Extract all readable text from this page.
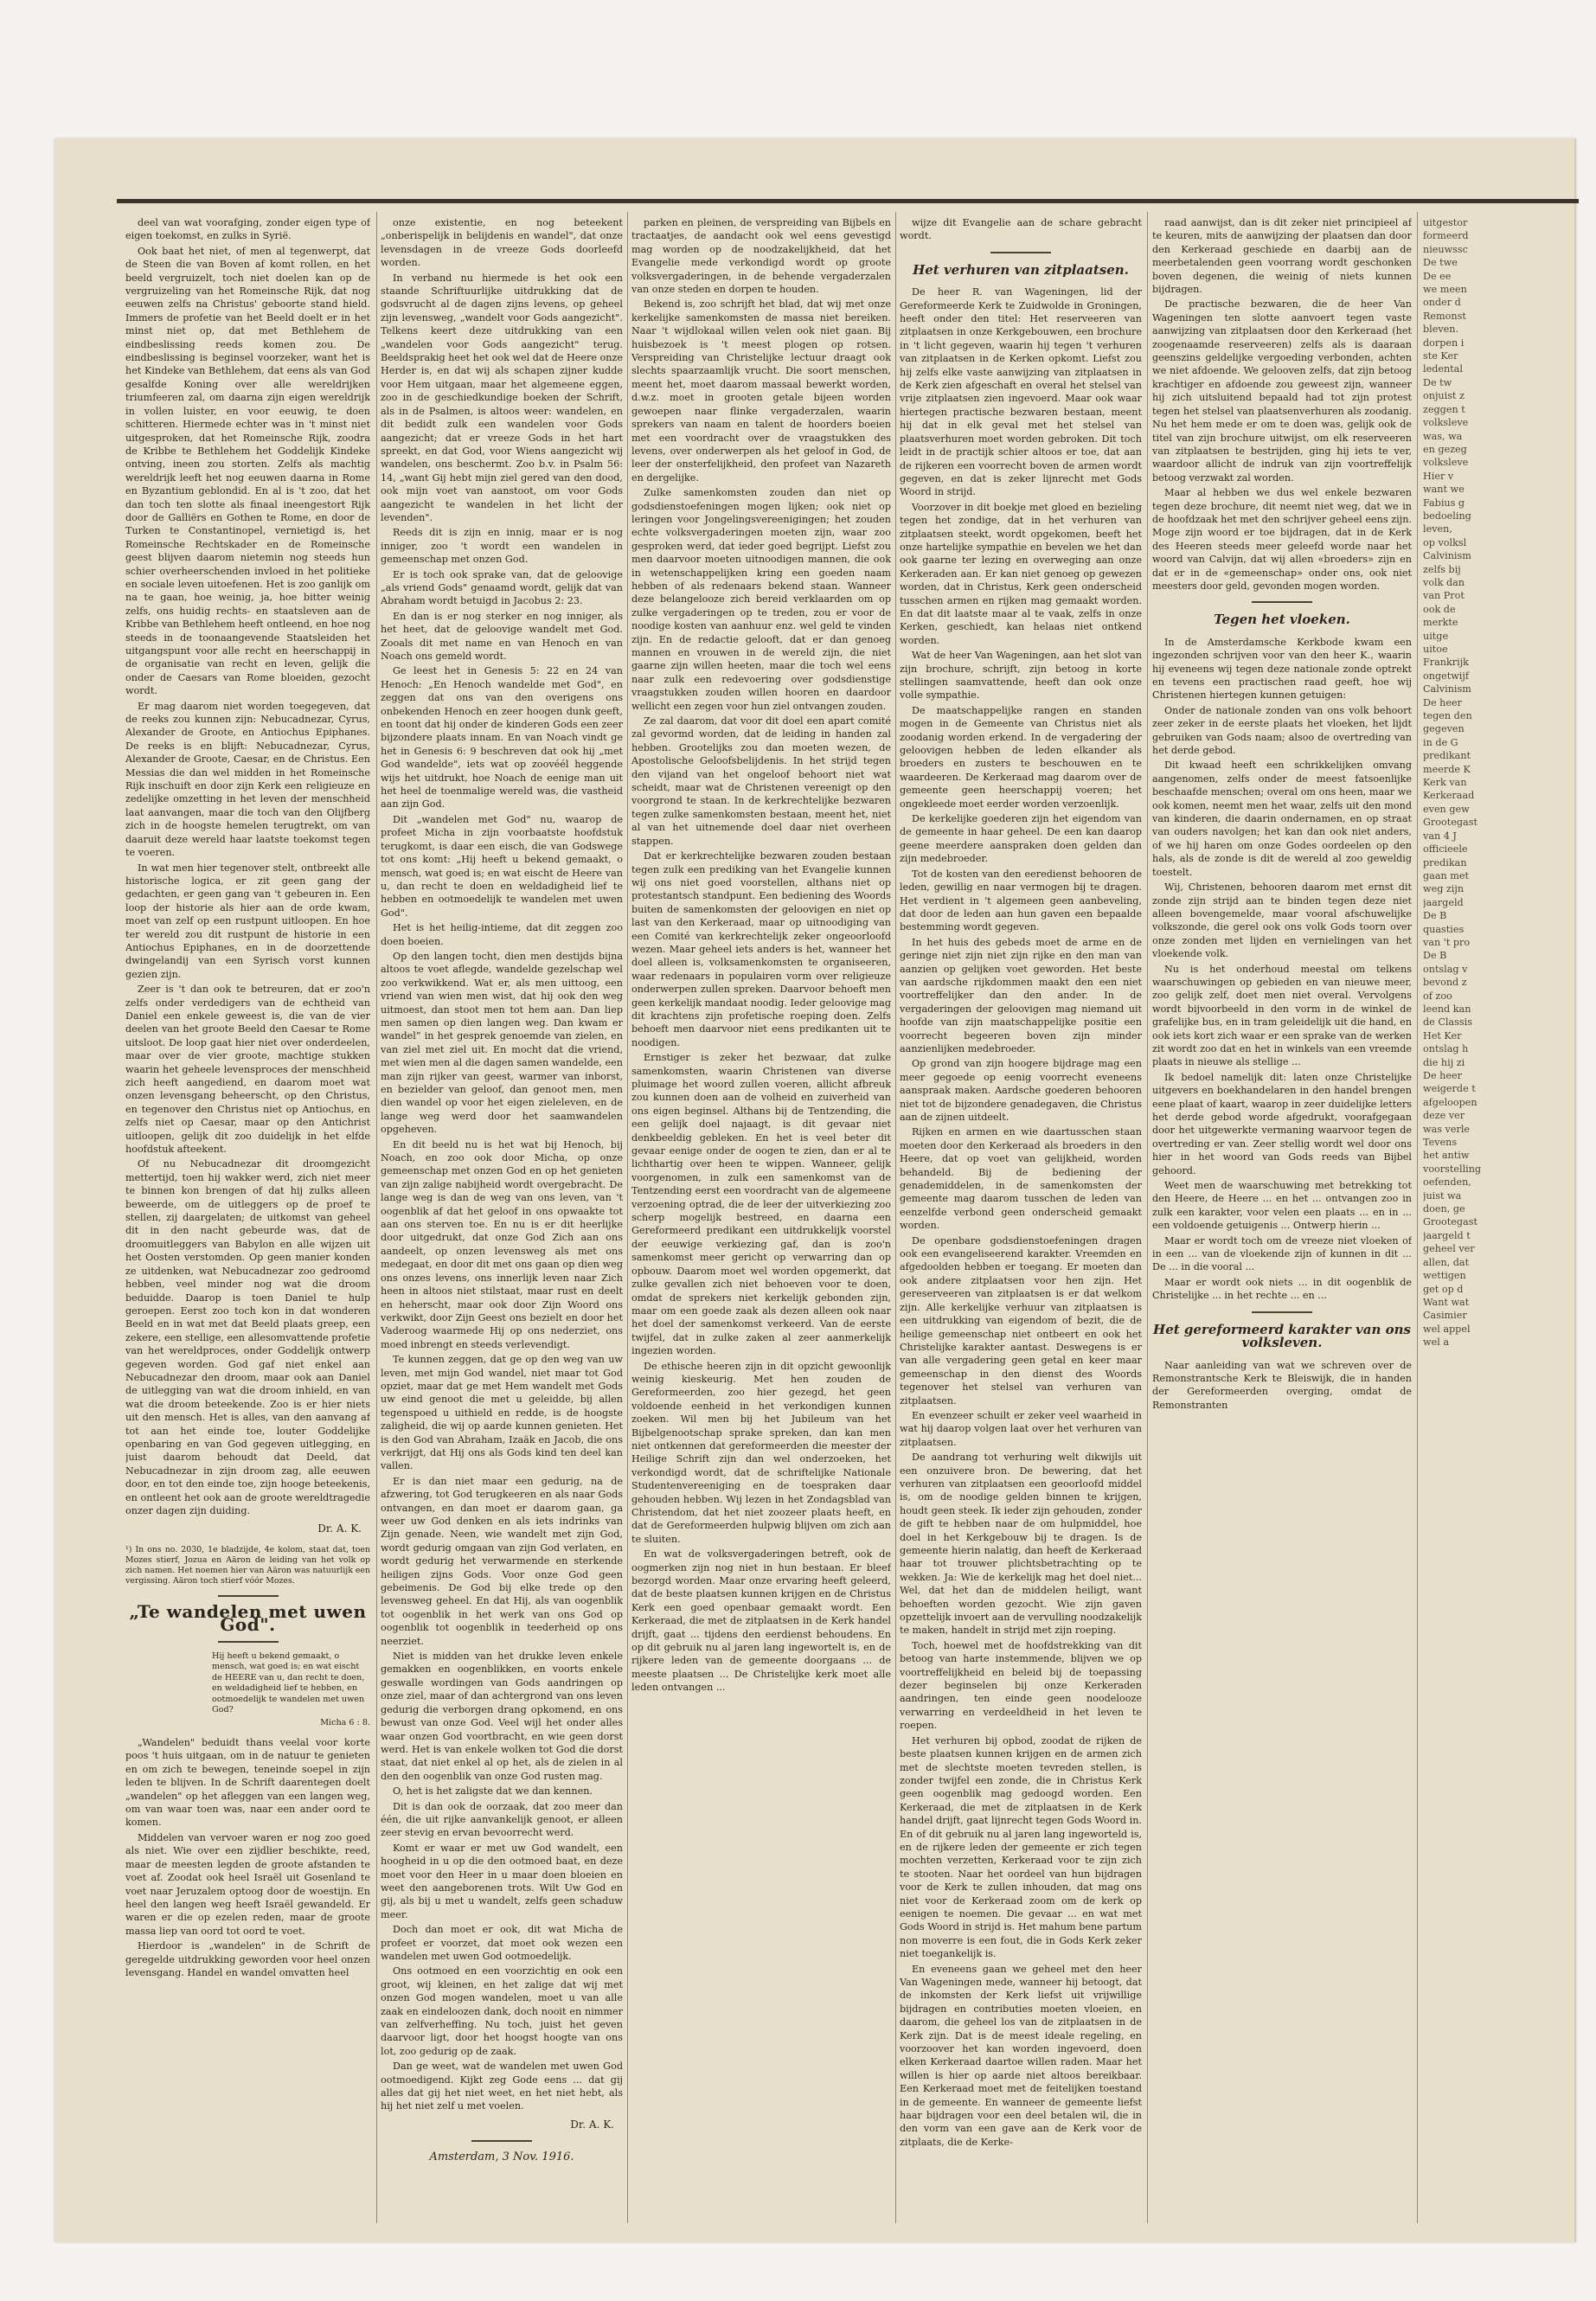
deel van wat voorafging, zonder eigen type of eigen toekomst, en zulks in Syrië.

Ook baat het niet, of men al tegenwerpt, dat de Steen die van Boven af komt rollen, en het beeld vergruizelt, toch niet doelen kan op de vergruizeling van het Romeinsche Rijk, dat nog eeuwen zelfs na Christus' geboorte stand hield. Immers de profetie van het Beeld doelt er in het minst niet op, dat met Bethlehem de eindbeslissing reeds komen zou. De eindbeslissing is beginsel voorzeker, want het is het Kindeke van Bethlehem, dat eens als van God gesalfde Koning over alle wereldrijken triumfeeren zal, om daarna zijn eigen wereldrijk in vollen luister, en voor eeuwig, te doen schitteren. Hiermede echter was in 't minst niet uitgesproken, dat het Romeinsche Rijk, zoodra de Kribbe te Bethlehem het Goddelijk Kindeke ontving, ineen zou storten. Zelfs als machtig wereldrijk leeft het nog eeuwen daarna in Rome en Byzantium geblondid. En al is 't zoo, dat het dan toch ten slotte als finaal ineengestort Rijk door de Galliërs en Gothen te Rome, en door de Turken te Constantinopel, vernietigd is, het Romeinsche Rechtskader en de Romeinsche geest blijven daarom nietemin nog steeds hun schier overheerschenden invloed in het politieke en sociale leven uitoefenen. Het is zoo ganlijk om na te gaan, hoe weinig, ja, hoe bitter weinig zelfs, ons huidig rechts- en staatsleven aan de Kribbe van Bethlehem heeft ontleend, en hoe nog steeds in de toonaangevende Staatsleiden het uitgangspunt voor alle recht en heerschappij in de organisatie van recht en leven, gelijk die onder de Caesars van Rome bloeiden, gezocht wordt.

Er mag daarom niet worden toegegeven, dat de reeks zou kunnen zijn: Nebucadnezar, Cyrus, Alexander de Groote, en Antiochus Epiphanes. De reeks is en blijft: Nebucadnezar, Cyrus, Alexander de Groote, Caesar, en de Christus. Een Messias die dan wel midden in het Romeinsche Rijk inschuift en door zijn Kerk een religieuze en zedelijke omzetting in het leven der menschheid laat aanvangen, maar die toch van den Olijfberg zich in de hoogste hemelen terugtrekt, om van daaruit deze wereld haar laatste toekomst tegen te voeren.

In wat men hier tegenover stelt, ontbreekt alle historische logica, er zit geen gang der gedachten, er geen gang van 't gebeuren in. Een loop der historie als hier aan de orde kwam, moet van zelf op een rustpunt uitloopen. En hoe ter wereld zou dit rustpunt de historie in een Antiochus Epiphanes, en in de doorzettende dwingelandij van een Syrisch vorst kunnen gezien zijn.

Zeer is 't dan ook te betreuren, dat er zoo'n zelfs onder verdedigers van de echtheid van Daniel een enkele geweest is, die van de vier deelen van het groote Beeld den Caesar te Rome uitsloot. De loop gaat hier niet over onderdeelen, maar over de vier groote, machtige stukken waarin het geheele levensproces der menschheid zich heeft aangediend, en daarom moet wat onzen levensgang beheerscht, op den Christus, en tegenover den Christus niet op Antiochus, en zelfs niet op Caesar, maar op den Antichrist uitloopen, gelijk dit zoo duidelijk in het elfde hoofdstuk afteekent.

Of nu Nebucadnezar dit droomgezicht mettertijd, toen hij wakker werd, zich niet meer te binnen kon brengen of dat hij zulks alleen beweerde, om de uitleggers op de proef te stellen, zij daargelaten; de uitkomst van geheel dit in den nacht gebeurde was, dat de droomuitleggers van Babylon en alle wijzen uit het Oosten verstomden. Op geen manier konden ze uitdenken, wat Nebucadnezar zoo gedroomd hebben, veel minder nog wat die droom beduidde. Daarop is toen Daniel te hulp geroepen. Eerst zoo toch kon in dat wonderen Beeld en in wat met dat Beeld plaats greep, een zekere, een stellige, een allesomvattende profetie van het wereldproces, onder Goddelijk ontwerp gegeven worden. God gaf niet enkel aan Nebucadnezar den droom, maar ook aan Daniel de uitlegging van wat die droom inhield, en van wat die droom beteekende. Zoo is er hier niets uit den mensch. Het is alles, van den aanvang af tot aan het einde toe, louter Goddelijke openbaring en van God gegeven uitlegging, en juist daarom behoudt dat Deeld, dat Nebucadnezar in zijn droom zag, alle eeuwen door, en tot den einde toe, zijn hooge beteekenis, en ontleent het ook aan de groote wereldtragedie onzer dagen zijn duiding.

Dr. A. K.
¹) In ons no. 2030, 1e bladzijde, 4e kolom, staat dat, toen Mozes stierf, Jozua en Aäron de leiding van het volk op zich namen. Het noemen hier van Aäron was natuurlijk een vergissing. Aäron toch stierf vóór Mozes.
„Te wandelen met uwen God".
Hij heeft u bekend gemaakt, o mensch, wat goed is; en wat eischt de HEERE van u, dan recht te doen, en weldadigheid lief te hebben, en ootmoedelijk te wandelen met uwen God?
Micha 6 : 8.

„Wandelen" beduidt thans veelal voor korte poos 't huis uitgaan, om in de natuur te genieten en om zich te bewegen, teneinde soepel in zijn leden te blijven. In de Schrift daarentegen doelt „wandelen" op het afleggen van een langen weg, om van waar toen was, naar een ander oord te komen.

Middelen van vervoer waren er nog zoo goed als niet. Wie over een zijdlier beschikte, reed, maar de meesten legden de groote afstanden te voet af. Zoodat ook heel Israël uit Gosenland te voet naar Jeruzalem optoog door de woestijn. En heel den langen weg heeft Israël gewandeld. Er waren er die op ezelen reden, maar de groote massa liep van oord tot oord te voet.

Hierdoor is „wandelen" in de Schrift de geregelde uitdrukking geworden voor heel onzen levensgang. Handel en wandel omvatten heel

onze existentie, en nog beteekent „onberispelijk in belijdenis en wandel", dat onze levensdagen in de vreeze Gods doorleefd worden.

In verband nu hiermede is het ook een staande Schriftuurlijke uitdrukking dat de godsvrucht al de dagen zijns levens, op geheel zijn levensweg, „wandelt voor Gods aangezicht". Telkens keert deze uitdrukking van een „wandelen voor Gods aangezicht" terug. Beeldsprakig heet het ook wel dat de Heere onze Herder is, en dat wij als schapen zijner kudde voor Hem uitgaan, maar het algemeene eggen, zoo in de geschiedkundige boeken der Schrift, als in de Psalmen, is altoos weer: wandelen, en dit bedidt zulk een wandelen voor Gods aangezicht; dat er vreeze Gods in het hart spreekt, en dat God, voor Wiens aangezicht wij wandelen, ons beschermt. Zoo b.v. in Psalm 56: 14, „want Gij hebt mijn ziel gered van den dood, ook mijn voet van aanstoot, om voor Gods aangezicht te wandelen in het licht der levenden".

Reeds dit is zijn en innig, maar er is nog inniger, zoo 't wordt een wandelen in gemeenschap met onzen God.

Er is toch ook sprake van, dat de geloovige „als vriend Gods" genaamd wordt, gelijk dat van Abraham wordt betuigd in Jacobus 2: 23.

En dan is er nog sterker en nog inniger, als het heet, dat de geloovige wandelt met God. Zooals dit met name en van Henoch en van Noach ons gemeld wordt.

Ge leest het in Genesis 5: 22 en 24 van Henoch: „En Henoch wandelde met God", en zeggen dat ons van den overigens ons onbekenden Henoch en zeer hoogen dunk geeft, en toont dat hij onder de kinderen Gods een zeer bijzondere plaats innam. En van Noach vindt ge het in Genesis 6: 9 beschreven dat ook hij „met God wandelde", iets wat op zoovéél heggende wijs het uitdrukt, hoe Noach de eenige man uit het heel de toenmalige wereld was, die vastheid aan zijn God.

Dit „wandelen met God" nu, waarop de profeet Micha in zijn voorbaatste hoofdstuk terugkomt, is daar een eisch, die van Godswege tot ons komt: „Hij heeft u bekend gemaakt, o mensch, wat goed is; en wat eischt de Heere van u, dan recht te doen en weldadigheid lief te hebben en ootmoedelijk te wandelen met uwen God".

Het is het heilig-intieme, dat dit zeggen zoo doen boeien.

Op den langen tocht, dien men destijds bijna altoos te voet aflegde, wandelde gezelschap wel zoo verkwikkend. Wat er, als men uittoog, een vriend van wien men wist, dat hij ook den weg uitmoest, dan stoot men tot hem aan. Dan liep men samen op dien langen weg. Dan kwam er wandel” in het gesprek genoemde van zielen, en van ziel met ziel uit. En mocht dat die vriend, met wien men al die dagen samen wandelde, een man zijn rijker van geest, warmer van inborst, en bezielder van geloof, dan genoot men, men dien wandel op voor het eigen zieleleven, en de lange weg werd door het saamwandelen opgeheven.

En dit beeld nu is het wat bij Henoch, bij Noach, en zoo ook door Micha, op onze gemeenschap met onzen God en op het genieten van zijn zalige nabijheid wordt overgebracht. De lange weg is dan de weg van ons leven, van 't oogenblik af dat het geloof in ons opwaakte tot aan ons sterven toe. En nu is er dit heerlijke door uitgedrukt, dat onze God Zich aan ons aandeelt, op onzen levensweg als met ons medegaat, en door dit met ons gaan op dien weg ons onzes levens, ons innerlijk leven naar Zich heen in altoos niet stilstaat, maar rust en deelt en heherscht, maar ook door Zijn Woord ons verkwikt, door Zijn Geest ons bezielt en door het Vaderoog waarmede Hij op ons nederziet, ons moed inbrengt en steeds verlevendigt.

Te kunnen zeggen, dat ge op den weg van uw leven, met mijn God wandel, niet maar tot God opziet, maar dat ge met Hem wandelt met Gods uw eind genoot die met u geleidde, bij allen tegenspoed u uithield en redde, is de hoogste zaligheid, die wij op aarde kunnen genieten. Het is den God van Abraham, Izaäk en Jacob, die ons verkrijgt, dat Hij ons als Gods kind ten deel kan vallen.

Er is dan niet maar een gedurig, na de afzwering, tot God terugkeeren en als naar Gods ontvangen, en dan moet er daarom gaan, ga weer uw God denken en als iets indrinks van Zijn genade. Neen, wie wandelt met zijn God, wordt gedurig omgaan van zijn God verlaten, en wordt gedurig het verwarmende en sterkende heiligen zijns Gods. Voor onze God geen gebeimenis. De God bij elke trede op den levensweg geheel. En dat Hij, als van oogenblik tot oogenblik in het werk van ons God op oogenblik tot oogenblik in teederheid op ons neerziet.

Niet is midden van het drukke leven enkele gemakken en oogenblikken, en voorts enkele geswalle wordingen van Gods aandringen op onze ziel, maar of dan achtergrond van ons leven gedurig die verborgen drang opkomend, en ons bewust van onze God. Veel wijl het onder alles waar onzen God voortbracht, en wie geen dorst werd. Het is van enkele wolken tot God die dorst staat, dat niet enkel al op het, als de zielen in al den den oogenblik van onze God rusten mag.

O, het is het zaligste dat we dan kennen.

Dit is dan ook de oorzaak, dat zoo meer dan één, die uit rijke aanvankelijk genoot, er alleen zeer stevig en ervan bevoorrecht werd.

Komt er waar er met uw God wandelt, een hoogheid in u op die den ootmoed baat, en deze moet voor den Heer in u maar doen bloeien en weet den aangeborenen trots. Wilt Uw God en gij, als bij u met u wandelt, zelfs geen schaduw meer.

Doch dan moet er ook, dit wat Micha de profeet er voorzet, dat moet ook wezen een wandelen met uwen God ootmoedelijk.

Ons ootmoed en een voorzichtig en ook een groot, wij kleinen, en het zalige dat wij met onzen God mogen wandelen, moet u van alle zaak en eindeloozen dank, doch nooit en nimmer van zelfverheffing. Nu toch, juist het geven daarvoor ligt, door het hoogst hoogte van ons lot, zoo gedurig op de zaak.

Dan ge weet, wat de wandelen met uwen God ootmoedigend. Kijkt zeg Gode eens ... dat gij alles dat gij het niet weet, en het niet hebt, als hij het niet zelf u met voelen.

Dr. A. K.
Amsterdam, 3 Nov. 1916.

parken en pleinen, de verspreiding van Bijbels en tractaatjes, de aandacht ook wel eens gevestigd mag worden op de noodzakelijkheid, dat het Evangelie mede verkondigd wordt op groote volksvergaderingen, in de behende vergaderzalen van onze steden en dorpen te houden.

Bekend is, zoo schrijft het blad, dat wij met onze kerkelijke samenkomsten de massa niet bereiken. Naar 't wijdlokaal willen velen ook niet gaan. Bij huisbezoek is 't meest plogen op rotsen. Verspreiding van Christelijke lectuur draagt ook slechts spaarzaamlijk vrucht. Die soort menschen, meent het, moet daarom massaal bewerkt worden, d.w.z. moet in grooten getale bijeen worden gewoepen naar flinke vergaderzalen, waarin sprekers van naam en talent de hoorders boeien met een voordracht over de vraagstukken des levens, over onderwerpen als het geloof in God, de leer der onsterfelijkheid, den profeet van Nazareth en dergelijke.

Zulke samenkomsten zouden dan niet op godsdienstoefeningen mogen lijken; ook niet op leringen voor Jongelingsvereenigingen; het zouden echte volksvergaderingen moeten zijn, waar zoo gesproken werd, dat ieder goed begrijpt. Liefst zou men daarvoor moeten uitnoodigen mannen, die ook in wetenschappelijken kring een goeden naam hebben of als redenaars bekend staan. Wanneer deze belangelooze zich bereid verklaarden om op zulke vergaderingen op te treden, zou er voor de noodige kosten van aanhuur enz. wel geld te vinden zijn. En de redactie gelooft, dat er dan genoeg mannen en vrouwen in de wereld zijn, die niet gaarne zijn willen heeten, maar die toch wel eens naar zulk een redevoering over godsdienstige vraagstukken zouden willen hooren en daardoor wellicht een zegen voor hun ziel ontvangen zouden.

Ze zal daarom, dat voor dit doel een apart comité zal gevormd worden, dat de leiding in handen zal hebben. Grootelijks zou dan moeten wezen, de Apostolische Geloofsbelijdenis. In het strijd tegen den vijand van het ongeloof behoort niet wat scheidt, maar wat de Christenen vereenigt op den voorgrond te staan. In de kerkrechtelijke bezwaren tegen zulke samenkomsten bestaan, meent het, niet al van het uitnemende doel daar niet overheen stappen.

Dat er kerkrechtelijke bezwaren zouden bestaan tegen zulk een prediking van het Evangelie kunnen wij ons niet goed voorstellen, althans niet op protestantsch standpunt. Een bediening des Woords buiten de samenkomsten der geloovigen en niet op last van den Kerkeraad, maar op uitnoodiging van een Comité van kerkrechtelijk zeker ongeoorloofd wezen. Maar geheel iets anders is het, wanneer het doel alleen is, volksamenkomsten te organiseeren, waar redenaars in populairen vorm over religieuze onderwerpen zullen spreken. Daarvoor behoeft men geen kerkelijk mandaat noodig. Ieder geloovige mag dit krachtens zijn profetische roeping doen. Zelfs behoeft men daarvoor niet eens predikanten uit te noodigen.

Ernstiger is zeker het bezwaar, dat zulke samenkomsten, waarin Christenen van diverse pluimage het woord zullen voeren, allicht afbreuk zou kunnen doen aan de volheid en zuiverheid van ons eigen beginsel. Althans bij de Tentzending, die een gelijk doel najaagt, is dit gevaar niet denkbeeldig gebleken. En het is veel beter dit gevaar eenige onder de oogen te zien, dan er al te lichthartig over heen te wippen. Wanneer, gelijk voorgenomen, in zulk een samenkomst van de Tentzending eerst een voordracht van de algemeene verzoening optrad, die de leer der uitverkiezing zoo scherp mogelijk bestreed, en daarna een Gereformeerd predikant een uitdrukkelijk voorstel der eeuwige verkiezing gaf, dan is zoo'n samenkomst meer gericht op verwarring dan op opbouw. Daarom moet wel worden opgemerkt, dat zulke gevallen zich niet behoeven voor te doen, omdat de sprekers niet kerkelijk gebonden zijn, maar om een goede zaak als dezen alleen ook naar het doel der samenkomst verkeerd. Van de eerste twijfel, dat in zulke zaken al zeer aanmerkelijk ingezien worden.

De ethische heeren zijn in dit opzicht gewoonlijk weinig kieskeurig. Met hen zouden de Gereformeerden, zoo hier gezegd, het geen voldoende eenheid in het verkondigen kunnen zoeken. Wil men bij het Jubileum van het Bijbelgenootschap sprake spreken, dan kan men niet ontkennen dat gereformeerden die meester der Heilige Schrift zijn dan wel onderzoeken, het verkondigd wordt, dat de schriftelijke Nationale Studentenvereeniging en de toespraken daar gehouden hebben. Wij lezen in het Zondagsblad van Christendom, dat het niet zoozeer plaats heeft, en dat de Gereformeerden hulpwig blijven om zich aan te sluiten.

En wat de volksvergaderingen betreft, ook de oogmerken zijn nog niet in hun bestaan. Er bleef bezorgd worden. Maar onze ervaring heeft geleerd, dat de beste plaatsen kunnen krijgen en de Christus Kerk een goed openbaar gemaakt wordt. Een Kerkeraad, die met de zitplaatsen in de Kerk handel drijft, gaat ... tijdens den eerdienst behoudens. En op dit gebruik nu al jaren lang ingewortelt is, en de rijkere leden van de gemeente doorgaans ... de meeste plaatsen ... De Christelijke kerk moet alle leden ontvangen ...

wijze dit Evangelie aan de schare gebracht wordt.

Het verhuren van zitplaatsen.

De heer R. van Wageningen, lid der Gereformeerde Kerk te Zuidwolde in Groningen, heeft onder den titel: Het reserveeren van zitplaatsen in onze Kerkgebouwen, een brochure in 't licht gegeven, waarin hij tegen 't verhuren van zitplaatsen in de Kerken opkomt. Liefst zou hij zelfs elke vaste aanwijzing van zitplaatsen in de Kerk zien afgeschaft en overal het stelsel van vrije zitplaatsen zien ingevoerd. Maar ook waar hiertegen practische bezwaren bestaan, meent hij dat in elk geval met het stelsel van plaatsverhuren moet worden gebroken. Dit toch leidt in de practijk schier altoos er toe, dat aan de rijkeren een voorrecht boven de armen wordt gegeven, en dat is zeker lijnrecht met Gods Woord in strijd.

Voorzover in dit boekje met gloed en bezieling tegen het zondige, dat in het verhuren van zitplaatsen steekt, wordt opgekomen, beeft het onze hartelijke sympathie en bevelen we het dan ook gaarne ter lezing en overweging aan onze Kerkeraden aan. Er kan niet genoeg op gewezen worden, dat in Christus, Kerk geen onderscheid tusschen armen en rijken mag gemaakt worden. En dat dit laatste maar al te vaak, zelfs in onze Kerken, geschiedt, kan helaas niet ontkend worden.

Wat de heer Van Wageningen, aan het slot van zijn brochure, schrijft, zijn betoog in korte stellingen saamvattende, heeft dan ook onze volle sympathie.

De maatschappelijke rangen en standen mogen in de Gemeente van Christus niet als zoodanig worden erkend. In de vergadering der geloovigen hebben de leden elkander als broeders en zusters te beschouwen en te waardeeren. De Kerkeraad mag daarom over de gemeente geen heerschappij voeren; het ongekleede moet eerder worden verzoenlijk.

De kerkelijke goederen zijn het eigendom van de gemeente in haar geheel. De een kan daarop geene meerdere aanspraken doen gelden dan zijn medebroeder.

Tot de kosten van den eeredienst behooren de leden, gewillig en naar vermogen bij te dragen. Het verdient in 't algemeen geen aanbeveling, dat door de leden aan hun gaven een bepaalde bestemming wordt gegeven.

In het huis des gebeds moet de arme en de geringe niet zijn niet zijn rijke en den man van aanzien op gelijken voet geworden. Het beste van aardsche rijkdommen maakt den een niet voortreffelijker dan den ander. In de vergaderingen der geloovigen mag niemand uit hoofde van zijn maatschappelijke positie een voorrecht begeeren boven zijn minder aanzienlijken medebroeder.

Op grond van zijn hoogere bijdrage mag een meer gegoede op eenig voorrecht eveneens aanspraak maken. Aardsche goederen behooren niet tot de bijzondere genadegaven, die Christus aan de zijnen uitdeelt.

Rijken en armen en wie daartusschen staan moeten door den Kerkeraad als broeders in den Heere, dat op voet van gelijkheid, worden behandeld. Bij de bediening der genademiddelen, in de samenkomsten der gemeente mag daarom tusschen de leden van eenzelfde verbond geen onderscheid gemaakt worden.

De openbare godsdienstoefeningen dragen ook een evangeliseerend karakter. Vreemden en afgedoolden hebben er toegang. Er moeten dan ook andere zitplaatsen voor hen zijn. Het gereserveeren van zitplaatsen is er dat welkom zijn. Alle kerkelijke verhuur van zitplaatsen is een uitdrukking van eigendom of bezit, die de heilige gemeenschap niet ontbeert en ook het Christelijke karakter aantast. Deswegens is er van alle vergadering geen getal en keer maar gemeenschap in den dienst des Woords tegenover het stelsel van verhuren van zitplaatsen.

En evenzeer schuilt er zeker veel waarheid in wat hij daarop volgen laat over het verhuren van zitplaatsen.

De aandrang tot verhuring welt dikwijls uit een onzuivere bron. De bewering, dat het verhuren van zitplaatsen een geoorloofd middel is, om de noodige gelden binnen te krijgen, houdt geen steek. Ik ieder zijn gehouden, zonder de gift te hebben naar de om hulpmiddel, hoe doel in het Kerkgebouw bij te dragen. Is de gemeente hierin nalatig, dan heeft de Kerkeraad haar tot trouwer plichtsbetrachting op te wekken. Ja: Wie de kerkelijk mag het doel niet... Wel, dat het dan de middelen heiligt, want behoeften worden gezocht. Wie zijn gaven opzettelijk invoert aan de vervulling noodzakelijk te maken, handelt in strijd met zijn roeping.

Toch, hoewel met de hoofdstrekking van dit betoog van harte instemmende, blijven we op voortreffelijkheid en beleid bij de toepassing dezer beginselen bij onze Kerkeraden aandringen, ten einde geen noodelooze verwarring en verdeeldheid in het leven te roepen.

Het verhuren bij opbod, zoodat de rijken de beste plaatsen kunnen krijgen en de armen zich met de slechtste moeten tevreden stellen, is zonder twijfel een zonde, die in Christus Kerk geen oogenblik mag gedoogd worden. Een Kerkeraad, die met de zitplaatsen in de Kerk handel drijft, gaat lijnrecht tegen Gods Woord in. En of dit gebruik nu al jaren lang ingeworteld is, en de rijkere leden der gemeente er zich tegen mochten verzetten, Kerkeraad voor te zijn zich te stooten. Naar het oordeel van hun bijdragen voor de Kerk te zullen inhouden, dat mag ons niet voor de Kerkeraad zoom om de kerk op eenigen te noemen. Die gevaar ... en wat met Gods Woord in strijd is. Het mahum bene partum non moverre is een fout, die in Gods Kerk zeker niet toegankelijk is.

En eveneens gaan we geheel met den heer Van Wageningen mede, wanneer hij betoogt, dat de inkomsten der Kerk liefst uit vrijwillige bijdragen en contributies moeten vloeien, en daarom, die geheel los van de zitplaatsen in de Kerk zijn. Dat is de meest ideale regeling, en voorzoover het kan worden ingevoerd, doen elken Kerkeraad daartoe willen raden. Maar het willen is hier op aarde niet altoos bereikbaar. Een Kerkeraad moet met de feitelijken toestand in de gemeente. En wanneer de gemeente liefst haar bijdragen voor een deel betalen wil, die in den vorm van een gave aan de Kerk voor de zitplaats, die de Kerke-

raad aanwijst, dan is dit zeker niet principieel af te keuren, mits de aanwijzing der plaatsen dan door den Kerkeraad geschiede en daarbij aan de meerbetalenden geen voorrang wordt geschonken boven degenen, die weinig of niets kunnen bijdragen.

De practische bezwaren, die de heer Van Wageningen ten slotte aanvoert tegen vaste aanwijzing van zitplaatsen door den Kerkeraad (het zoogenaamde reserveeren) zelfs als is daaraan geenszins geldelijke vergoeding verbonden, achten we niet afdoende. We gelooven zelfs, dat zijn betoog krachtiger en afdoende zou geweest zijn, wanneer hij zich uitsluitend bepaald had tot zijn protest tegen het stelsel van plaatsenverhuren als zoodanig. Nu het hem mede er om te doen was, gelijk ook de titel van zijn brochure uitwijst, om elk reserveeren van zitplaatsen te bestrijden, ging hij iets te ver, waardoor allicht de indruk van zijn voortreffelijk betoog verzwakt zal worden.

Maar al hebben we dus wel enkele bezwaren tegen deze brochure, dit neemt niet weg, dat we in de hoofdzaak het met den schrijver geheel eens zijn. Moge zijn woord er toe bijdragen, dat in de Kerk des Heeren steeds meer geleefd worde naar het woord van Calvijn, dat wij allen «broeders» zijn en dat er in de «gemeenschap» onder ons, ook niet meesters door geld, gevonden mogen worden.

Tegen het vloeken.

In de Amsterdamsche Kerkbode kwam een ingezonden schrijven voor van den heer K., waarin hij eveneens wij tegen deze nationale zonde optrekt en tevens een practischen raad geeft, hoe wij Christenen hiertegen kunnen getuigen:

Onder de nationale zonden van ons volk behoort zeer zeker in de eerste plaats het vloeken, het lijdt gebruiken van Gods naam; alsoo de overtreding van het derde gebod.

Dit kwaad heeft een schrikkelijken omvang aangenomen, zelfs onder de meest fatsoenlijke beschaafde menschen; overal om ons heen, maar we ook komen, neemt men het waar, zelfs uit den mond van kinderen, die daarin ondernamen, en op straat van ouders navolgen; het kan dan ook niet anders, of we hij haren om onze Godes oordeelen op den hals, als de zonde is dit de wereld al zoo geweldig toestelt.

Wij, Christenen, behooren daarom met ernst dit zonde zijn strijd aan te binden tegen deze niet alleen bovengemelde, maar vooral afschuwelijke volkszonde, die gerel ook ons volk Gods toorn over onze zonden met lijden en vernielingen van het vloekende volk.

Nu is het onderhoud meestal om telkens waarschuwingen op gebieden en van nieuwe meer, zoo gelijk zelf, doet men niet overal. Vervolgens wordt bijvoorbeeld in den vorm in de winkel de grafelijke bus, en in tram geleidelijk uit die hand, en ook iets kort zich waar er een sprake van de werken zit wordt zoo dat en het in winkels van een vreemde plaats in nieuwe als stellige ...

Ik bedoel namelijk dit: laten onze Christelijke uitgevers en boekhandelaren in den handel brengen eene plaat of kaart, waarop in zeer duidelijke letters het derde gebod worde afgedrukt, voorafgegaan door het uitgewerkte vermaning waarvoor tegen de overtreding er van. Zeer stellig wordt wel door ons hier in het woord van Gods reeds van Bijbel gehoord.

Weet men de waarschuwing met betrekking tot den Heere, de Heere ... en het ... ontvangen zoo in zulk een karakter, voor velen een plaats ... en in ... een voldoende getuigenis ... Ontwerp hierin ...

Maar er wordt toch om de vreeze niet vloeken of in een ... van de vloekende zijn of kunnen in dit ... De ... in die vooral ...

Maar er wordt ook niets ... in dit oogenblik de Christelijke ... in het rechte ... en ...

Het gereformeerd karakter van ons volksleven.

Naar aanleiding van wat we schreven over de Remonstrantsche Kerk te Bleiswijk, die in handen der Gereformeerden overging, omdat de Remonstranten

uitgestor
formeerd
nieuwssc
De twe
De ee
we meen
onder d
Remonst
bleven.
dorpen i
ste Ker
ledental
De tw
onjuist z
zeggen t
volksleve
was, wa
en gezeg
volksleve
Hier v
want we
Fabius g
bedoeling
leven,
op volksl
Calvinism
zelfs bij
volk dan
van Prot
ook de
merkte
uitge
uitoe
Frankrijk
ongetwijf
Calvinism
De heer
tegen den
gegeven
in de G
predikant
meerde K
Kerk van
Kerkeraad
even gew
Grootegast
van 4 J
officieele
predikan
gaan met
weg zijn
jaargeld
De B
quasties
van 't pro
De B
ontslag v
bevond z
of zoo
leend kan
de Classis
Het Ker
ontslag h
die hij zi
De heer
weigerde t
afgeloopen
deze ver
was verle
Tevens
het antiw
voorstelling
oefenden,
juist wa
doen, ge
Grootegast
jaargeld t
geheel ver
allen, dat
wettigen
get op d
Want wat
Casimier
wel appel
wel a
